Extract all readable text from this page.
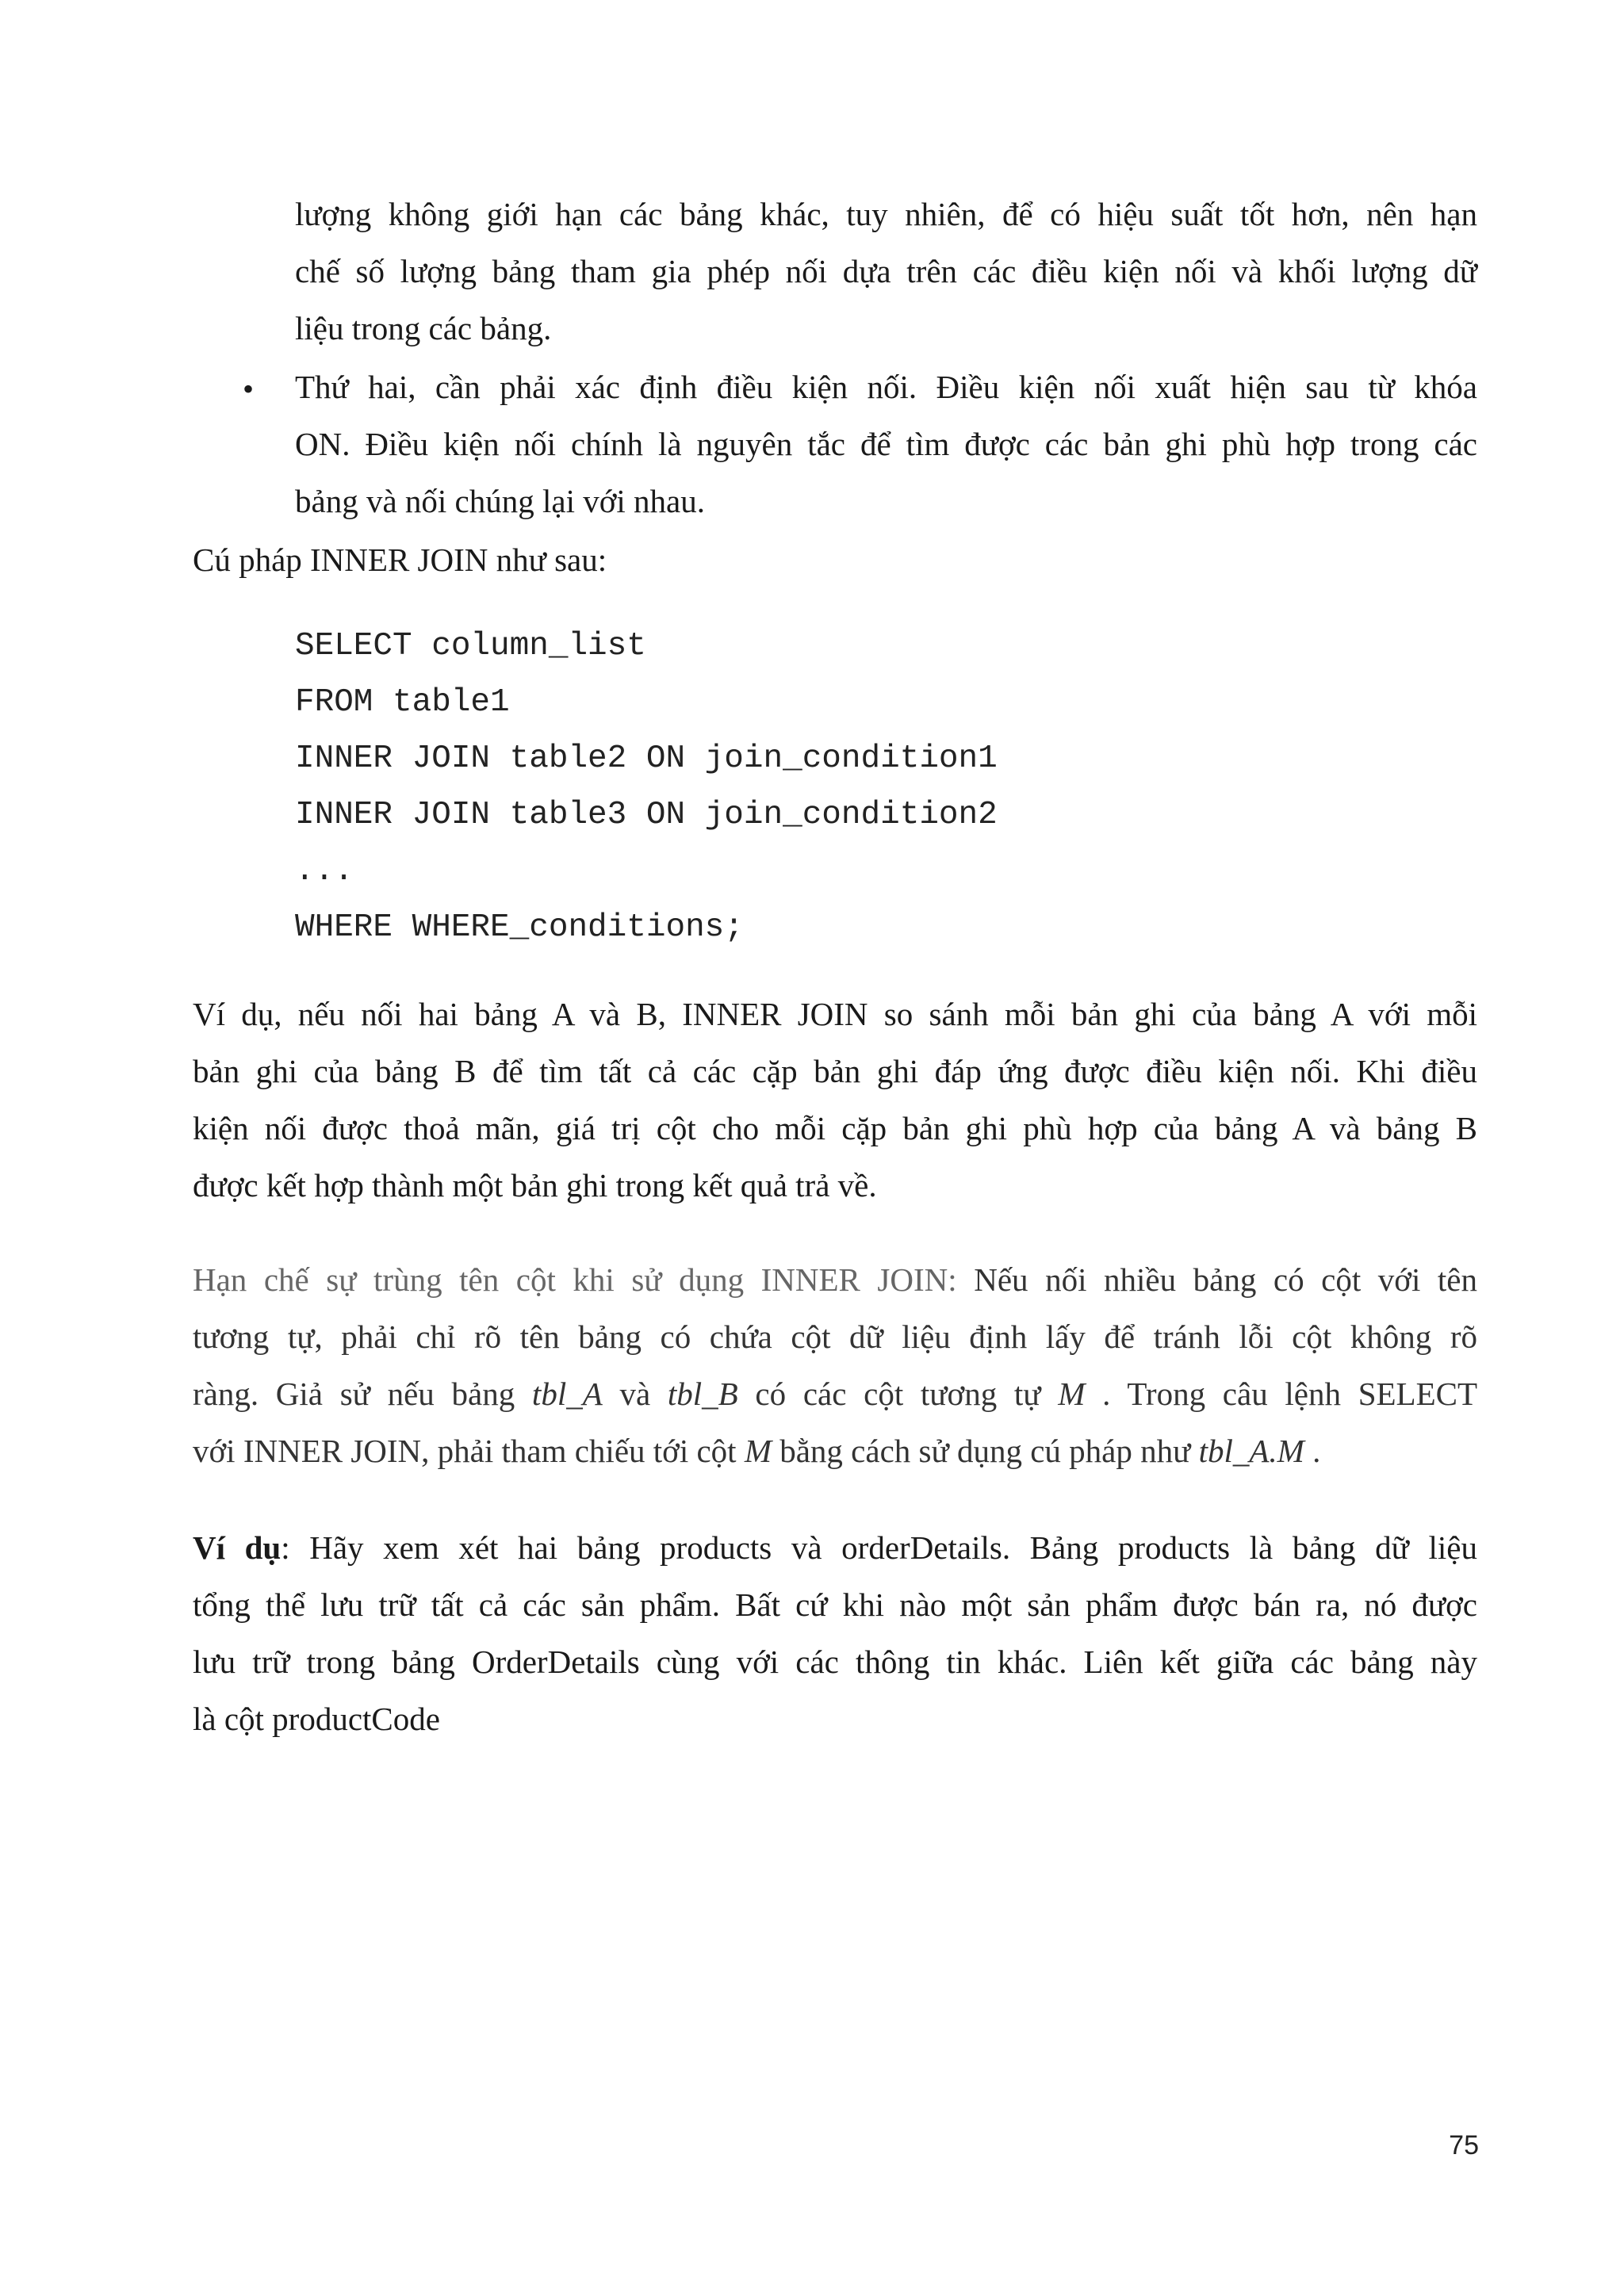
lượng không giới hạn các bảng khác, tuy nhiên, để có hiệu suất tốt hơn, nên hạn
chế số lượng bảng tham gia phép nối dựa trên các điều kiện nối và khối lượng dữ
liệu trong các bảng.
• Thứ hai, cần phải xác định điều kiện nối. Điều kiện nối xuất hiện sau từ khóa
ON. Điều kiện nối chính là nguyên tắc để tìm được các bản ghi phù hợp trong các
bảng và nối chúng lại với nhau.
Cú pháp INNER JOIN như sau:
SELECT column_list
FROM table1
INNER JOIN table2 ON join_condition1
INNER JOIN table3 ON join_condition2
...
WHERE WHERE_conditions;
Ví dụ, nếu nối hai bảng A và B, INNER JOIN so sánh mỗi bản ghi của bảng A với mỗi
bản ghi của bảng B để tìm tất cả các cặp bản ghi đáp ứng được điều kiện nối. Khi điều
kiện nối được thoả mãn, giá trị cột cho mỗi cặp bản ghi phù hợp của bảng A và bảng B
được kết hợp thành một bản ghi trong kết quả trả về.
Hạn chế sự trùng tên cột khi sử dụng INNER JOIN: Nếu nối nhiều bảng có cột với tên
tương tự, phải chỉ rõ tên bảng có chứa cột dữ liệu định lấy để tránh lỗi cột không rõ
ràng. Giả sử nếu bảng tbl_A và tbl_B có các cột tương tự M . Trong câu lệnh SELECT
với INNER JOIN, phải tham chiếu tới cột M bằng cách sử dụng cú pháp như tbl_A.M .
Ví dụ: Hãy xem xét hai bảng products và orderDetails. Bảng products là bảng dữ liệu
tổng thể lưu trữ tất cả các sản phẩm. Bất cứ khi nào một sản phẩm được bán ra, nó được
lưu trữ trong bảng OrderDetails cùng với các thông tin khác. Liên kết giữa các bảng này
là cột productCode
75
